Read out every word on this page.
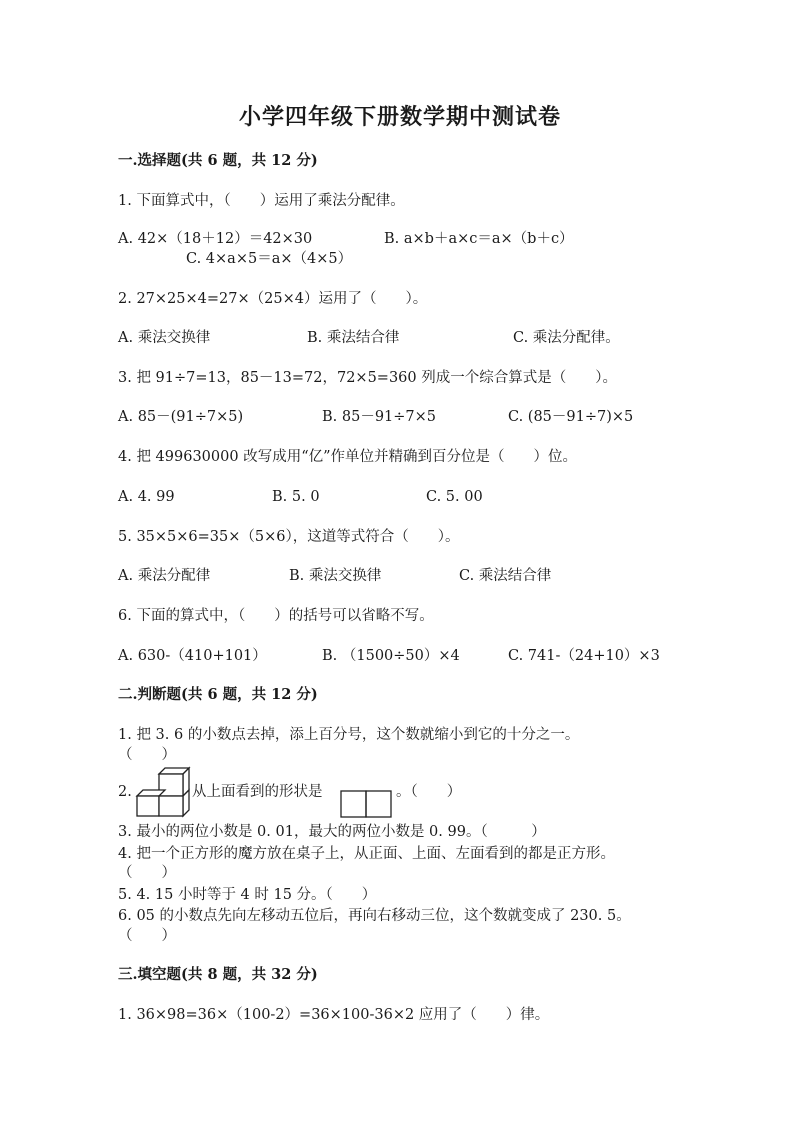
小学四年级下册数学期中测试卷
一.选择题(共 6 题，共 12 分)
1. 下面算式中，（　　）运用了乘法分配律。
A. 42×（18＋12）＝42×30	B. a×b＋a×c＝a×（b＋c）
C. 4×a×5＝a×（4×5）
2. 27×25×4=27×（25×4）运用了（　　）。
A. 乘法交换律	B. 乘法结合律	C. 乘法分配律。
3. 把 91÷7=13，85－13=72，72×5=360 列成一个综合算式是（　　）。
A. 85－(91÷7×5)	B. 85－91÷7×5	C. (85－91÷7)×5
4. 把 499630000 改写成用“亿”作单位并精确到百分位是（　　）位。
A. 4. 99	B. 5. 0	C. 5. 00
5. 35×5×6=35×（5×6），这道等式符合（　　）。
A. 乘法分配律	B. 乘法交换律	C. 乘法结合律
6. 下面的算式中，（　　）的括号可以省略不写。
A. 630-（410+101）	B. （1500÷50）×4	C. 741-（24+10）×3
二.判断题(共 6 题，共 12 分)
1. 把 3. 6 的小数点去掉，添上百分号，这个数就缩小到它的十分之一。
（　　）
2.	从上面看到的形状是	。（　　）
3. 最小的两位小数是 0. 01，最大的两位小数是 0. 99。（　　　）
4. 把一个正方形的魔方放在桌子上，从正面、上面、左面看到的都是正方形。
（　　）
5. 4. 15 小时等于 4 时 15 分。（　　）
6. 05 的小数点先向左移动五位后，再向右移动三位，这个数就变成了 230. 5。
（　　）
三.填空题(共 8 题，共 32 分)
1. 36×98=36×（100-2）=36×100-36×2 应用了（　　）律。
